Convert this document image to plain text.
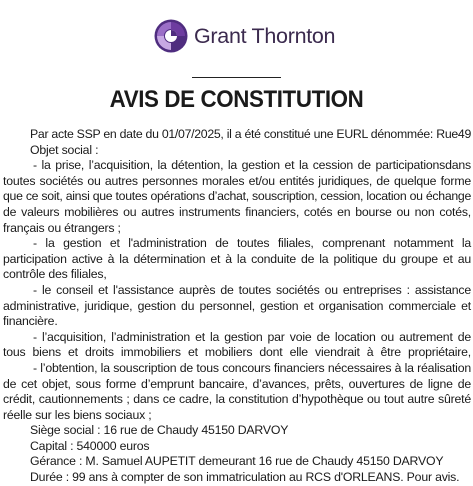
Grant Thornton
AVIS DE CONSTITUTION
Par acte SSP en date du 01/07/2025, il a été constitué une EURL dénommée: Rue49
Objet social :
- la prise, l’acquisition, la détention, la gestion et la cession de participationsdans
toutes sociétés ou autres personnes morales et/ou entités juridiques, de quelque forme
que ce soit, ainsi que toutes opérations d’achat, souscription, cession, location ou échange
de valeurs mobilières ou autres instruments financiers, cotés en bourse ou non cotés,
français ou étrangers ;
- la gestion et l'administration de toutes filiales, comprenant notamment la
participation active à la détermination et à la conduite de la politique du groupe et au
contrôle des filiales,
- le conseil et l'assistance auprès de toutes sociétés ou entreprises : assistance
administrative, juridique, gestion du personnel, gestion et organisation commerciale et
financière.
- l’acquisition, l’administration et la gestion par voie de location ou autrement de
tous biens et droits immobiliers et mobiliers dont elle viendrait à être propriétaire,
- l’obtention, la souscription de tous concours financiers nécessaires à la réalisation
de cet objet, sous forme d’emprunt bancaire, d’avances, prêts, ouvertures de ligne de
crédit, cautionnements ; dans ce cadre, la constitution d’hypothèque ou tout autre sûreté
réelle sur les biens sociaux ;
Siège social : 16 rue de Chaudy 45150 DARVOY
Capital : 540000 euros
Gérance : M. Samuel AUPETIT demeurant 16 rue de Chaudy 45150 DARVOY
Durée : 99 ans à compter de son immatriculation au RCS d'ORLEANS. Pour avis.
